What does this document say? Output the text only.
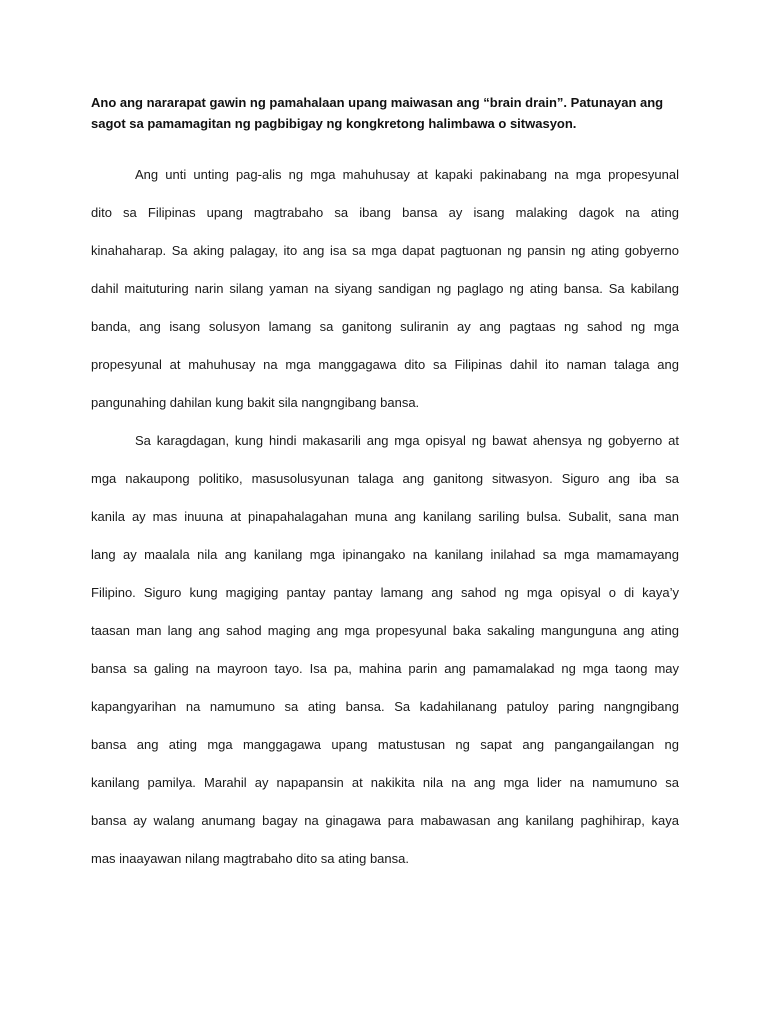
Ano ang nararapat gawin ng pamahalaan upang maiwasan ang “brain drain”. Patunayan ang sagot sa pamamagitan ng pagbibigay ng kongkretong halimbawa o sitwasyon.

Ang unti unting pag-alis ng mga mahuhusay at kapaki pakinabang na mga propesyunal
dito sa Filipinas upang magtrabaho sa ibang bansa ay isang malaking dagok na ating
kinahaharap. Sa aking palagay, ito ang isa sa mga dapat pagtuonan ng pansin ng ating gobyerno
dahil maituturing narin silang yaman na siyang sandigan ng paglago ng ating bansa. Sa kabilang
banda, ang isang solusyon lamang sa ganitong suliranin ay ang pagtaas ng sahod ng mga
propesyunal at mahuhusay na mga manggagawa dito sa Filipinas dahil ito naman talaga ang
pangunahing dahilan kung bakit sila nangngibang bansa.
Sa karagdagan, kung hindi makasarili ang mga opisyal ng bawat ahensya ng gobyerno at
mga nakaupong politiko, masusolusyunan talaga ang ganitong sitwasyon. Siguro ang iba sa
kanila ay mas inuuna at pinapahalagahan muna ang kanilang sariling bulsa. Subalit, sana man
lang ay maalala nila ang kanilang mga ipinangako na kanilang inilahad sa mga mamamayang
Filipino. Siguro kung magiging pantay pantay lamang ang sahod ng mga opisyal o di kaya’y
taasan man lang ang sahod maging ang mga propesyunal baka sakaling mangunguna ang ating
bansa sa galing na mayroon tayo. Isa pa, mahina parin ang pamamalakad ng mga taong may
kapangyarihan na namumuno sa ating bansa. Sa kadahilanang patuloy paring nangngibang
bansa ang ating mga manggagawa upang matustusan ng sapat ang pangangailangan ng
kanilang pamilya. Marahil ay napapansin at nakikita nila na ang mga lider na namumuno sa
bansa ay walang anumang bagay na ginagawa para mabawasan ang kanilang paghihirap, kaya
mas inaayawan nilang magtrabaho dito sa ating bansa.
